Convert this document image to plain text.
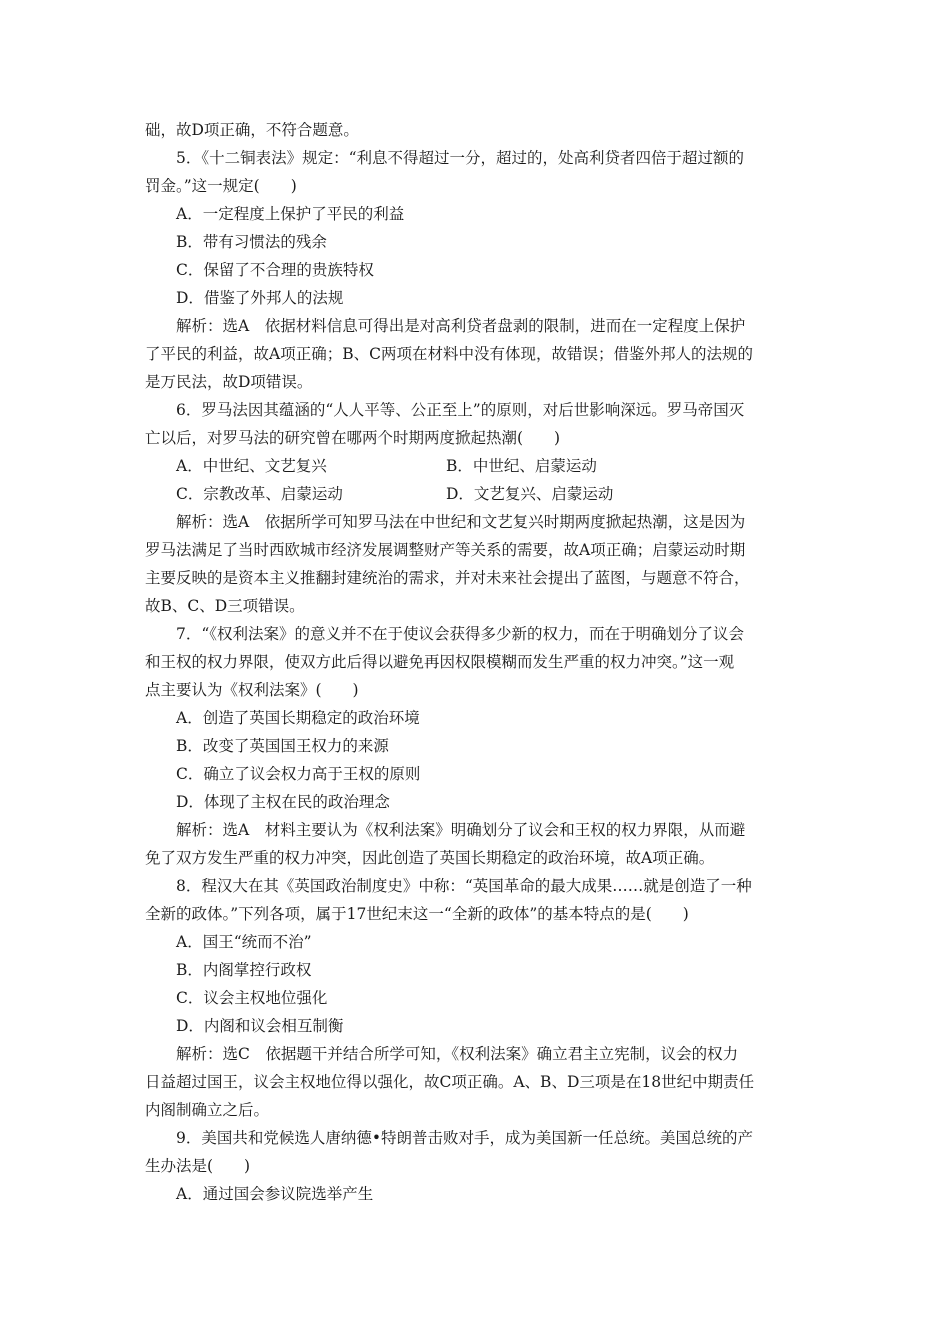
础，故D项正确，不符合题意。
5．《十二铜表法》规定：“利息不得超过一分，超过的，处高利贷者四倍于超过额的
罚金。”这一规定(　　)
A．一定程度上保护了平民的利益
B．带有习惯法的残余
C．保留了不合理的贵族特权
D．借鉴了外邦人的法规
解析：选A　依据材料信息可得出是对高利贷者盘剥的限制，进而在一定程度上保护
了平民的利益，故A项正确；B、C两项在材料中没有体现，故错误；借鉴外邦人的法规的
是万民法，故D项错误。
6．罗马法因其蕴涵的“人人平等、公正至上”的原则，对后世影响深远。罗马帝国灭
亡以后，对罗马法的研究曾在哪两个时期两度掀起热潮(　　)
A．中世纪、文艺复兴	B．中世纪、启蒙运动
C．宗教改革、启蒙运动	D．文艺复兴、启蒙运动
解析：选A　依据所学可知罗马法在中世纪和文艺复兴时期两度掀起热潮，这是因为
罗马法满足了当时西欧城市经济发展调整财产等关系的需要，故A项正确；启蒙运动时期
主要反映的是资本主义推翻封建统治的需求，并对未来社会提出了蓝图，与题意不符合，
故B、C、D三项错误。
7．“《权利法案》的意义并不在于使议会获得多少新的权力，而在于明确划分了议会
和王权的权力界限，使双方此后得以避免再因权限模糊而发生严重的权力冲突。”这一观
点主要认为《权利法案》(　　)
A．创造了英国长期稳定的政治环境
B．改变了英国国王权力的来源
C．确立了议会权力高于王权的原则
D．体现了主权在民的政治理念
解析：选A　材料主要认为《权利法案》明确划分了议会和王权的权力界限，从而避
免了双方发生严重的权力冲突，因此创造了英国长期稳定的政治环境，故A项正确。
8．程汉大在其《英国政治制度史》中称：“英国革命的最大成果……就是创造了一种
全新的政体。”下列各项，属于17世纪末这一“全新的政体”的基本特点的是(　　)
A．国王“统而不治”
B．内阁掌控行政权
C．议会主权地位强化
D．内阁和议会相互制衡
解析：选C　依据题干并结合所学可知，《权利法案》确立君主立宪制，议会的权力
日益超过国王，议会主权地位得以强化，故C项正确。A、B、D三项是在18世纪中期责任
内阁制确立之后。
9．美国共和党候选人唐纳德•特朗普击败对手，成为美国新一任总统。美国总统的产
生办法是(　　)
A．通过国会参议院选举产生
